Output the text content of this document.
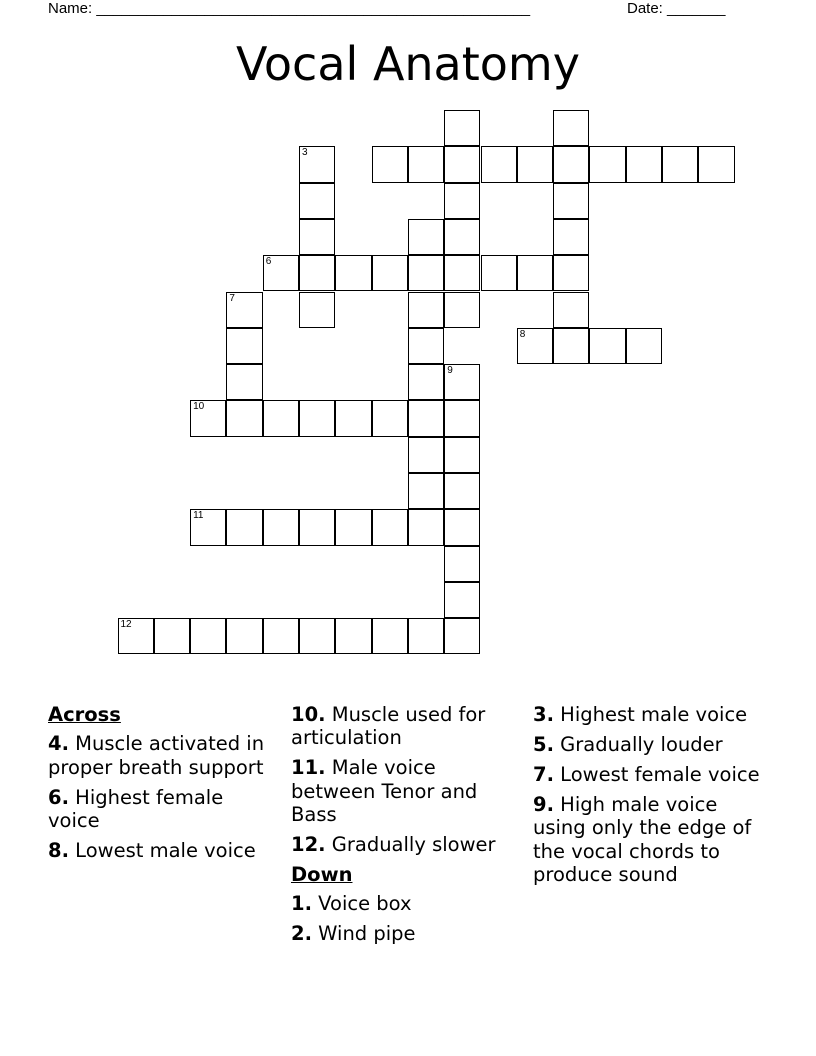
Name: ____________________________________________________	Date: _______
Vocal Anatomy
3
6
7
8
9
10
11
12
Across
4. Muscle activated in proper breath support
6. Highest female voice
8. Lowest male voice
10. Muscle used for articulation
11. Male voice between Tenor and Bass
12. Gradually slower
Down
1. Voice box
2. Wind pipe
3. Highest male voice
5. Gradually louder
7. Lowest female voice
9. High male voice using only the edge of the vocal chords to produce sound
